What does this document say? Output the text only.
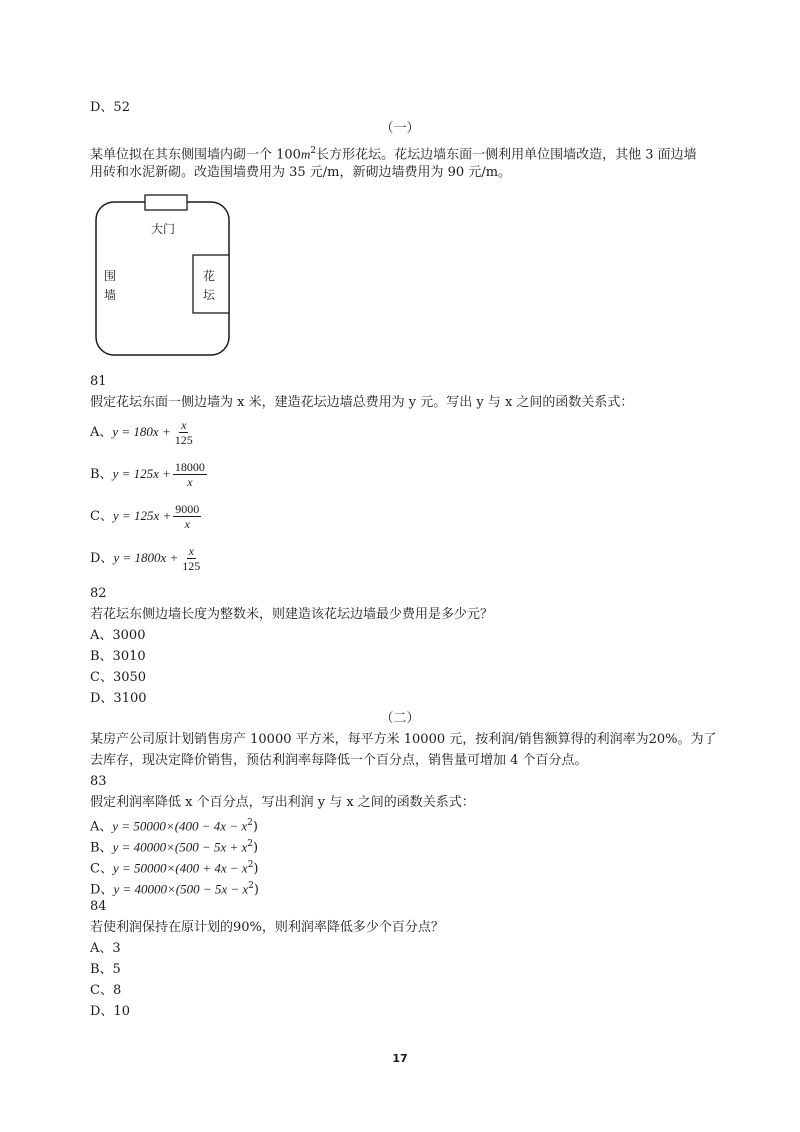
D、52
（一）
某单位拟在其东侧围墙内砌一个 $100m^2$长方形花坛。花坛边墙东面一侧利用单位围墙改造，其他 3 面边墙
用砖和水泥新砌。改造围墙费用为 35 元/m，新砌边墙费用为 90 元/m。
大门
围
墙
花
坛
81
假定花坛东面一侧边墙为 x 米，建造花坛边墙总费用为 y 元。写出 y 与 x 之间的函数关系式：
A、$y = 180x + \frac{x}{125}$
B、$y = 125x + \frac{18000}{x}$
C、$y = 125x + \frac{9000}{x}$
D、$y = 1800x + \frac{x}{125}$
82
若花坛东侧边墙长度为整数米，则建造该花坛边墙最少费用是多少元？
A、3000
B、3010
C、3050
D、3100
（二）
某房产公司原计划销售房产 10000 平方米，每平方米 10000 元，按利润/销售额算得的利润率为20%。为了
去库存，现决定降价销售，预估利润率每降低一个百分点，销售量可增加 4 个百分点。
83
假定利润率降低 x 个百分点，写出利润 y 与 x 之间的函数关系式：
A、$y = 50000\times(400 - 4x - x^2)$
B、$y = 40000\times(500 - 5x + x^2)$
C、$y = 50000\times(400 + 4x - x^2)$
D、$y = 40000\times(500 - 5x - x^2)$
84
若使利润保持在原计划的90%，则利润率降低多少个百分点？
A、3
B、5
C、8
D、10
17
